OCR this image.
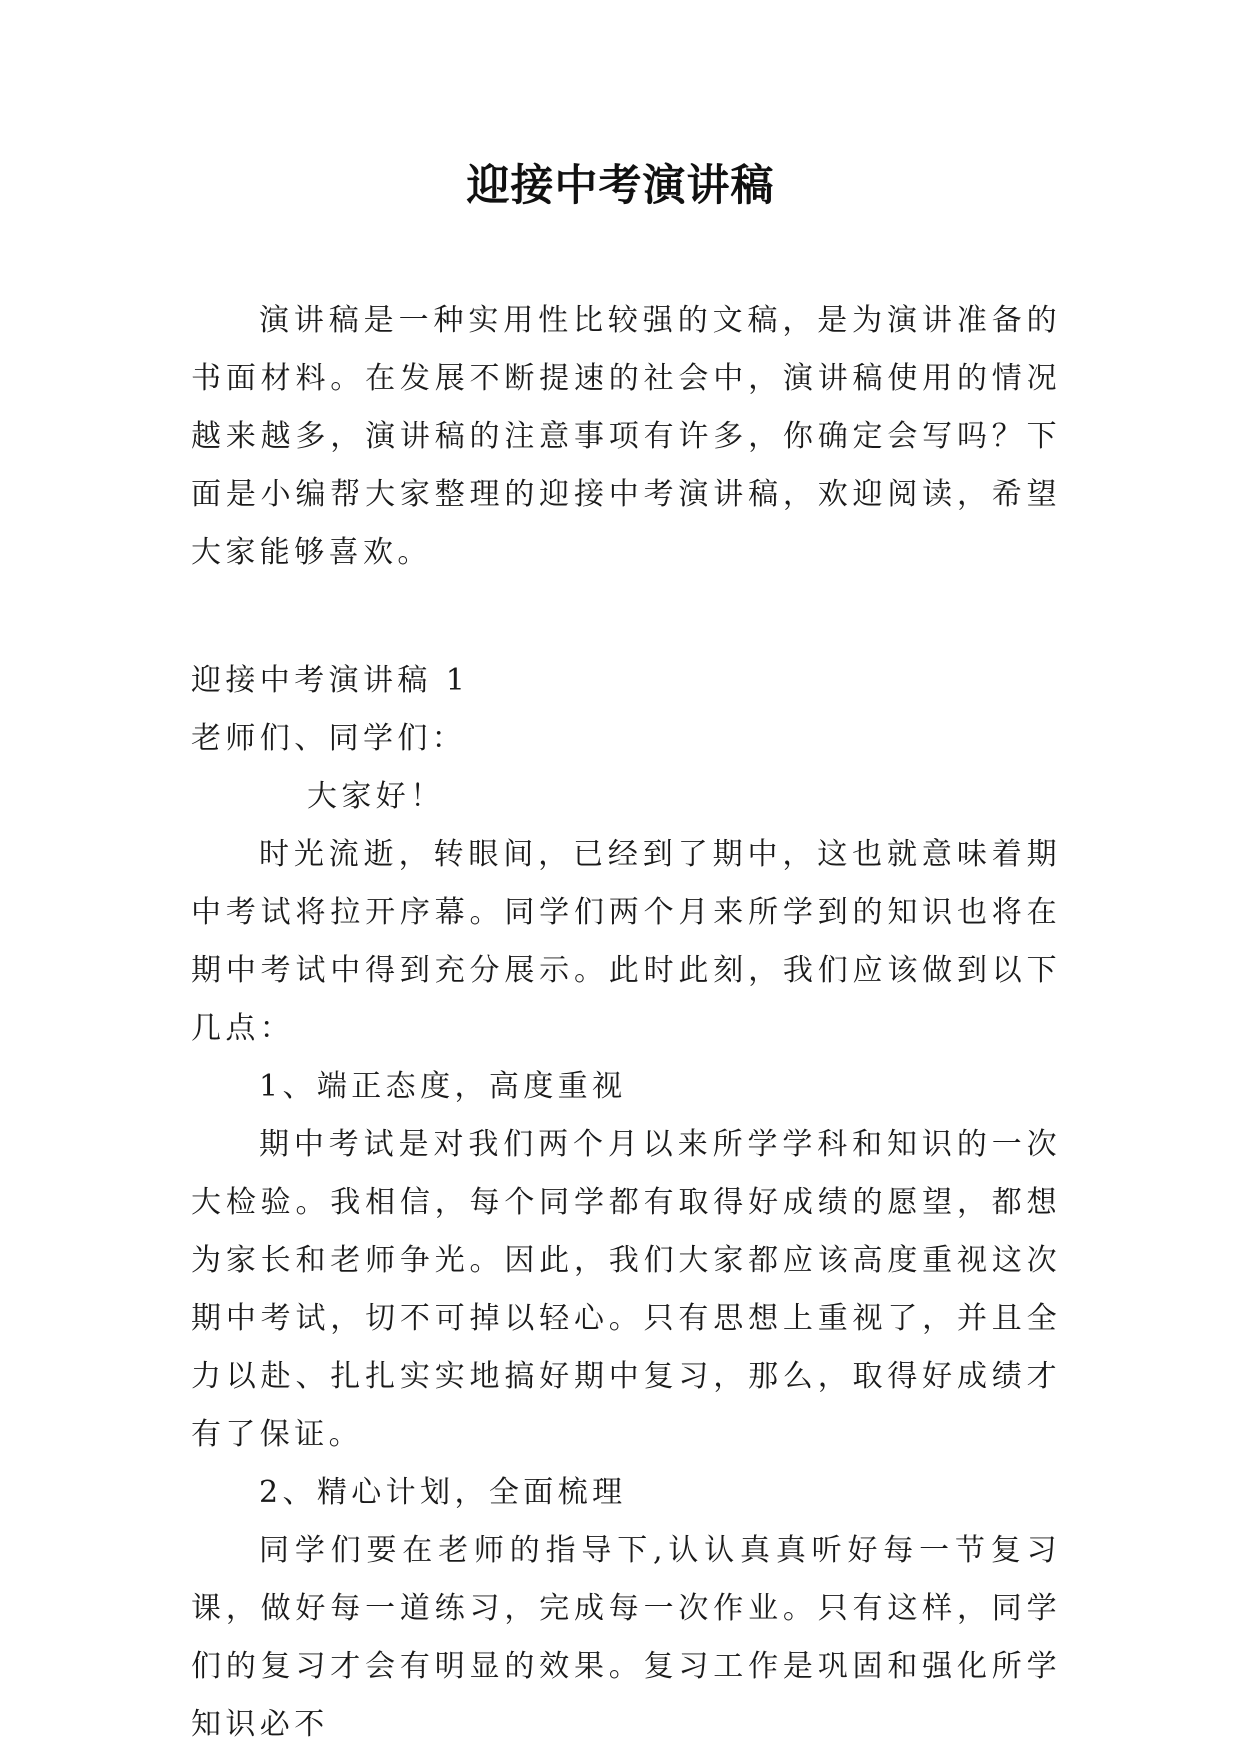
迎接中考演讲稿

演讲稿是一种实用性比较强的文稿，是为演讲准备的书面材料。在发展不断提速的社会中，演讲稿使用的情况越来越多，演讲稿的注意事项有许多，你确定会写吗？下面是小编帮大家整理的迎接中考演讲稿，欢迎阅读，希望大家能够喜欢。

迎接中考演讲稿 1

老师们、同学们：

大家好！

时光流逝，转眼间，已经到了期中，这也就意味着期中考试将拉开序幕。同学们两个月来所学到的知识也将在期中考试中得到充分展示。此时此刻，我们应该做到以下几点：

1、端正态度，高度重视

期中考试是对我们两个月以来所学学科和知识的一次大检验。我相信，每个同学都有取得好成绩的愿望，都想为家长和老师争光。因此，我们大家都应该高度重视这次期中考试，切不可掉以轻心。只有思想上重视了，并且全力以赴、扎扎实实地搞好期中复习，那么，取得好成绩才有了保证。

2、精心计划，全面梳理

同学们要在老师的指导下,认认真真听好每一节复习课，做好每一道练习，完成每一次作业。只有这样，同学们的复习才会有明显的效果。复习工作是巩固和强化所学知识必不
